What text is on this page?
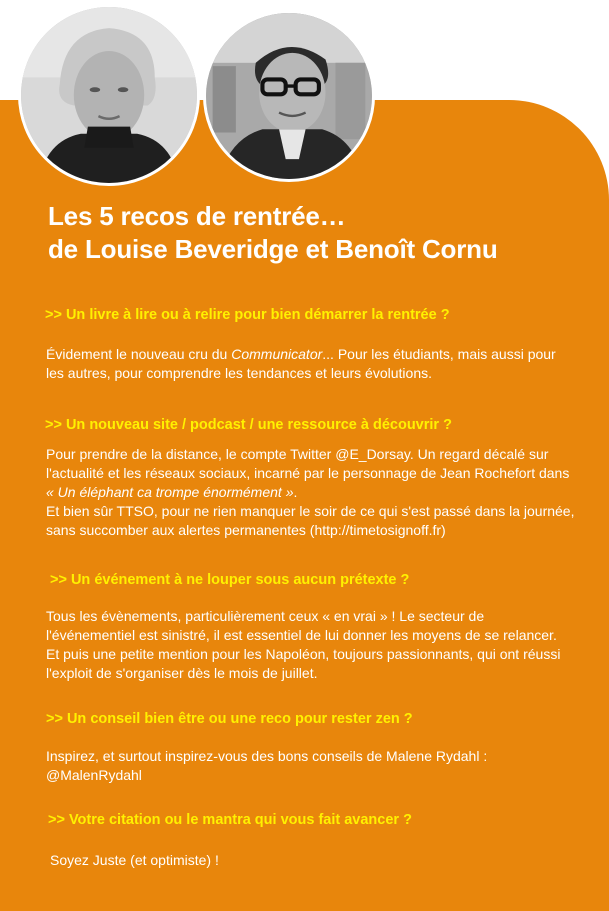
Les 5 recos de rentrée…
de Louise Beveridge et Benoît Cornu
>> Un livre à lire ou à relire pour bien démarrer la rentrée ?
Évidement le nouveau cru du Communicator... Pour les étudiants, mais aussi pour les autres, pour comprendre les tendances et leurs évolutions.
>> Un nouveau site / podcast / une ressource à découvrir ?
Pour prendre de la distance, le compte Twitter @E_Dorsay. Un regard décalé sur l'actualité et les réseaux sociaux, incarné par le personnage de Jean Rochefort dans « Un éléphant ca trompe énormément ».
Et bien sûr TTSO, pour ne rien manquer le soir de ce qui s'est passé dans la journée, sans succomber aux alertes permanentes (http://timetosignoff.fr)
>> Un événement à ne louper sous aucun prétexte ?
Tous les évènements, particulièrement ceux « en vrai » ! Le secteur de l'événementiel est sinistré, il est essentiel de lui donner les moyens de se relancer. Et puis une petite mention pour les Napoléon, toujours passionnants, qui ont réussi l'exploit de s'organiser dès le mois de juillet.
>> Un conseil bien être ou une reco pour rester zen ?
Inspirez, et surtout inspirez-vous des bons conseils de Malene Rydahl : @MalenRydahl
>> Votre citation ou le mantra qui vous fait avancer ?
Soyez Juste (et optimiste) !
